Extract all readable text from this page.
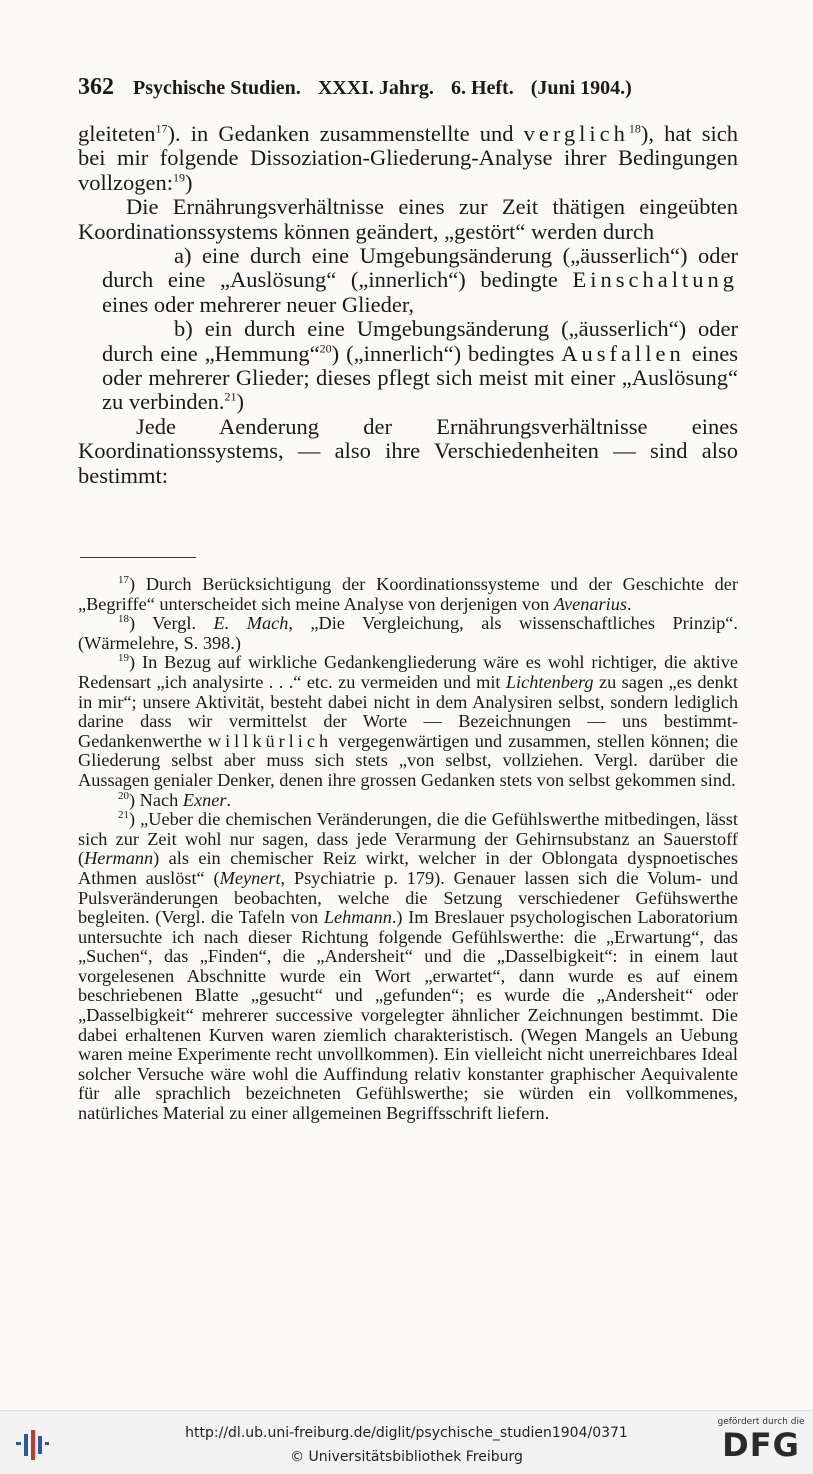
362 Psychische Studien. XXXI. Jahrg. 6. Heft. (Juni 1904.)

gleiteten$^{17}$). in Gedanken zusammenstellte und verglich$^{18}$), hat sich bei mir folgende Dissoziation-Gliederung-Analyse ihrer Bedingungen vollzogen:$^{19}$)

Die Ernährungsverhältnisse eines zur Zeit thätigen eingeübten Koordinationssystems können geändert, „gestört“ werden durch

a) eine durch eine Umgebungsänderung („äusserlich“) oder durch eine „Auslösung“ („innerlich“) bedingte Einschaltung eines oder mehrerer neuer Glieder,

b) ein durch eine Umgebungsänderung („äusserlich“) oder durch eine „Hemmung“$^{20}$) („innerlich“) bedingtes Ausfallen eines oder mehrerer Glieder; dieses pflegt sich meist mit einer „Auslösung“ zu verbinden.$^{21}$)

Jede Aenderung der Ernährungsverhältnisse eines Koordinationssystems, — also ihre Verschiedenheiten — sind also bestimmt:

$^{17}$) Durch Berücksichtigung der Koordinationssysteme und der Geschichte der „Begriffe“ unterscheidet sich meine Analyse von derjenigen von Avenarius.

$^{18}$) Vergl. E. Mach, „Die Vergleichung, als wissenschaftliches Prinzip“. (Wärmelehre, S. 398.)

$^{19}$) In Bezug auf wirkliche Gedankengliederung wäre es wohl richtiger, die aktive Redensart „ich analysirte . . .“ etc. zu vermeiden und mit Lichtenberg zu sagen „es denkt in mir“; unsere Aktivität, besteht dabei nicht in dem Analysiren selbst, sondern lediglich darine dass wir vermittelst der Worte — Bezeichnungen — uns bestimmt-Gedankenwerthe willkürlich vergegenwärtigen und zusammen, stellen können; die Gliederung selbst aber muss sich stets „von selbst, vollziehen. Vergl. darüber die Aussagen genialer Denker, denen ihre grossen Gedanken stets von selbst gekommen sind.

$^{20}$) Nach Exner.

$^{21}$) „Ueber die chemischen Veränderungen, die die Gefühlswerthe mitbedingen, lässt sich zur Zeit wohl nur sagen, dass jede Verarmung der Gehirnsubstanz an Sauerstoff (Hermann) als ein chemischer Reiz wirkt, welcher in der Oblongata dyspnoetisches Athmen auslöst“ (Meynert, Psychiatrie p. 179). Genauer lassen sich die Volum- und Pulsveränderungen beobachten, welche die Setzung verschiedener Gefühswerthe begleiten. (Vergl. die Tafeln von Lehmann.) Im Breslauer psychologischen Laboratorium untersuchte ich nach dieser Richtung folgende Gefühlswerthe: die „Erwartung“, das „Suchen“, das „Finden“, die „Andersheit“ und die „Dasselbigkeit“: in einem laut vorgelesenen Abschnitte wurde ein Wort „erwartet“, dann wurde es auf einem beschriebenen Blatte „gesucht“ und „gefunden“; es wurde die „Andersheit“ oder „Dasselbigkeit“ mehrerer successive vorgelegter ähnlicher Zeichnungen bestimmt. Die dabei erhaltenen Kurven waren ziemlich charakteristisch. (Wegen Mangels an Uebung waren meine Experimente recht unvollkommen). Ein vielleicht nicht unerreichbares Ideal solcher Versuche wäre wohl die Auffindung relativ konstanter graphischer Aequivalente für alle sprachlich bezeichneten Gefühlswerthe; sie würden ein vollkommenes, natürliches Material zu einer allgemeinen Begriffsschrift liefern.

http://dl.ub.uni-freiburg.de/diglit/psychische_studien1904/0371
© Universitätsbibliothek Freiburg
gefördert durch die
DFG
